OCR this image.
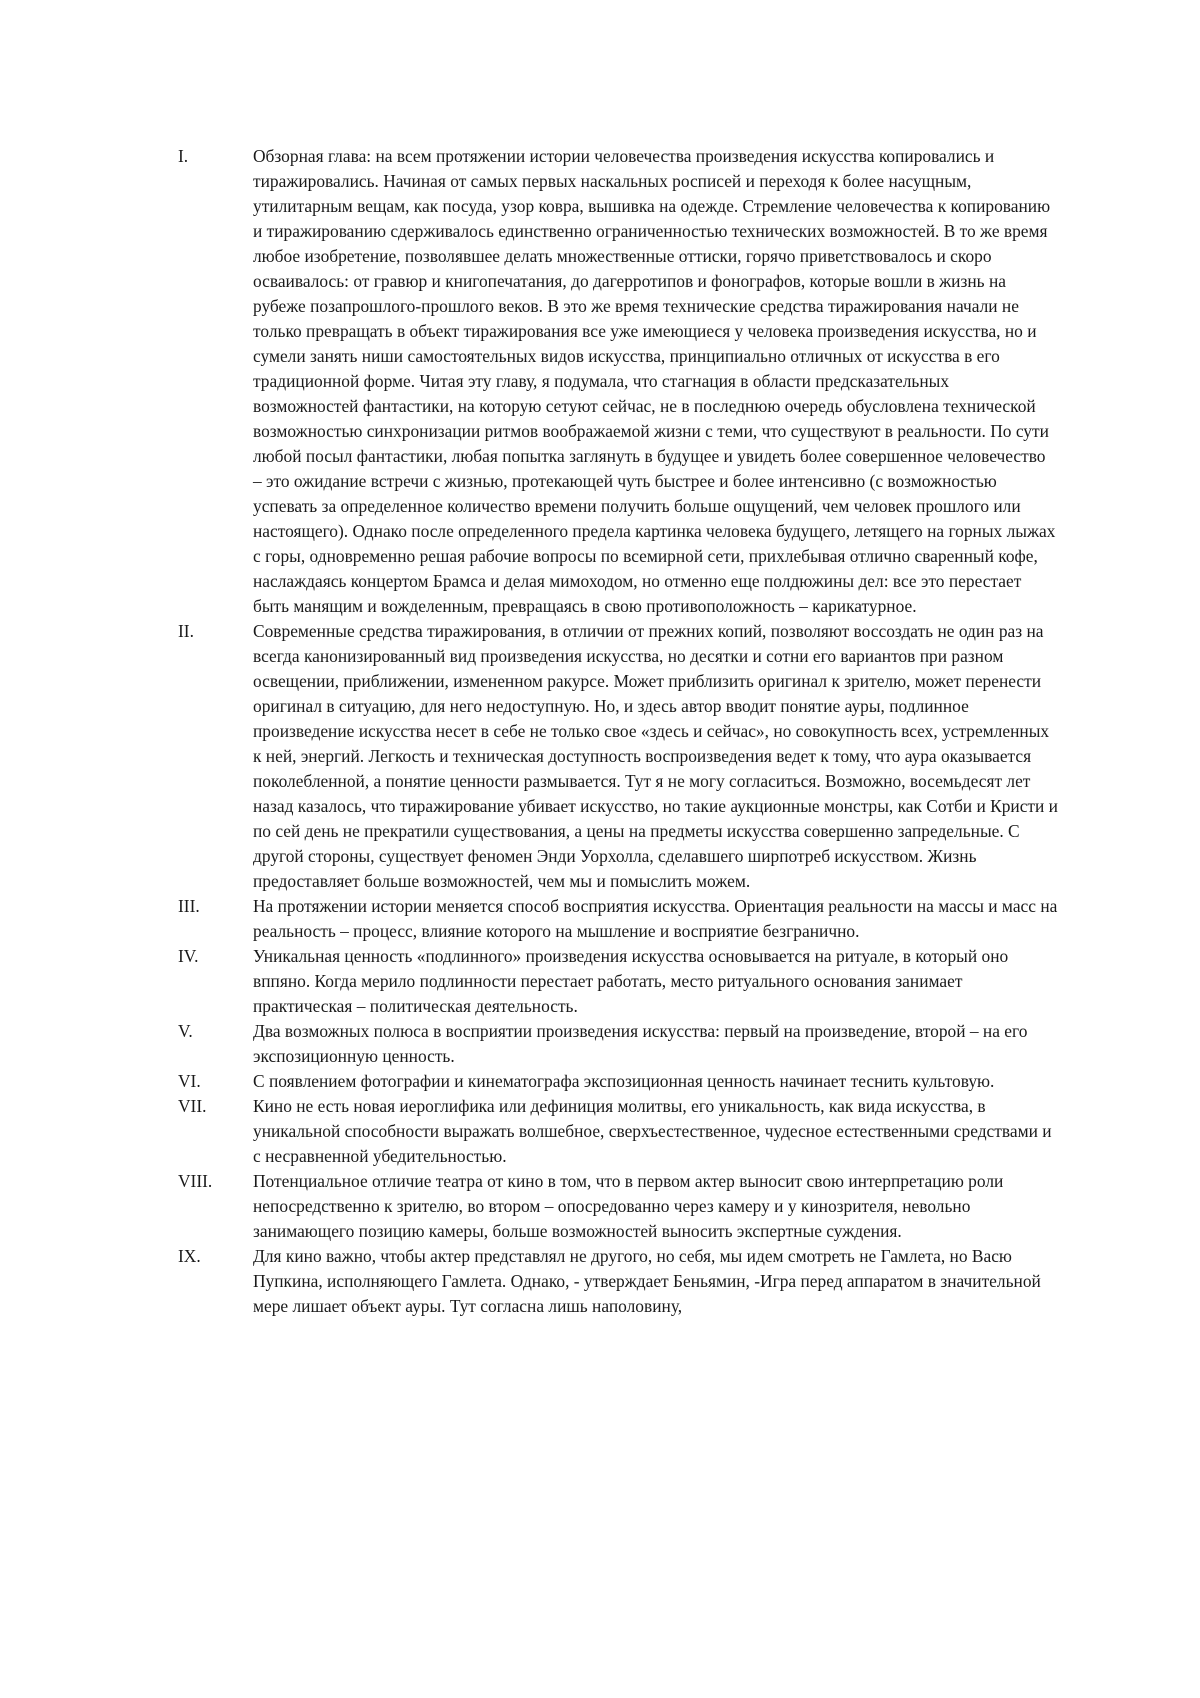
I.	Обзорная глава: на всем протяжении истории человечества произведения искусства копировались и тиражировались. Начиная от самых первых наскальных росписей и переходя к более насущным, утилитарным вещам, как посуда, узор ковра, вышивка на одежде. Стремление человечества к копированию и тиражированию сдерживалось единственно ограниченностью технических возможностей. В то же время любое изобретение, позволявшее делать множественные оттиски, горячо приветствовалось и скоро осваивалось: от гравюр и книгопечатания, до дагерротипов и фонографов, которые вошли в жизнь на рубеже позапрошлого-прошлого веков. В это же время технические средства тиражирования начали не только превращать в объект тиражирования все уже имеющиеся у человека произведения искусства, но и сумели занять ниши самостоятельных видов искусства, принципиально отличных от искусства в его традиционной форме. Читая эту главу, я подумала, что стагнация в области предсказательных возможностей фантастики, на которую сетуют сейчас, не в последнюю очередь обусловлена технической возможностью синхронизации ритмов воображаемой жизни с теми, что существуют в реальности. По сути любой посыл фантастики, любая попытка заглянуть в будущее и увидеть более совершенное человечество – это ожидание встречи с жизнью, протекающей чуть быстрее и более интенсивно (с возможностью успевать за определенное количество времени получить больше ощущений, чем человек прошлого или настоящего). Однако после определенного предела картинка человека будущего, летящего на горных лыжах с горы, одновременно решая рабочие вопросы по всемирной сети, прихлебывая отлично сваренный кофе, наслаждаясь концертом Брамса и делая мимоходом, но отменно еще полдюжины дел: все это перестает быть манящим и вожделенным, превращаясь в свою противоположность – карикатурное.

II.	Современные средства тиражирования, в отличии от прежних копий, позволяют воссоздать не один раз на всегда канонизированный вид произведения искусства, но десятки и сотни его вариантов при разном освещении, приближении, измененном ракурсе. Может приблизить оригинал к зрителю, может перенести оригинал в ситуацию, для него недоступную. Но, и здесь автор вводит понятие ауры, подлинное произведение искусства несет в себе не только свое «здесь и сейчас», но совокупность всех, устремленных к ней, энергий. Легкость и техническая доступность воспроизведения ведет к тому, что аура оказывается поколебленной, а понятие ценности размывается. Тут я не могу согласиться. Возможно, восемьдесят лет назад казалось, что тиражирование убивает искусство, но такие аукционные монстры, как Сотби и Кристи и по сей день не прекратили существования, а цены на предметы искусства совершенно запредельные. С другой стороны, существует феномен Энди Уорхолла, сделавшего ширпотреб искусством. Жизнь предоставляет больше возможностей, чем мы и помыслить можем.

III.	На протяжении истории меняется способ восприятия искусства. Ориентация реальности на массы и масс на реальность – процесс, влияние которого на мышление и восприятие безгранично.

IV.	Уникальная ценность «подлинного» произведения искусства основывается на ритуале, в который оно вппяно. Когда мерило подлинности перестает работать, место ритуального основания занимает практическая – политическая деятельность.

V.	Два возможных полюса в восприятии произведения искусства: первый на произведение, второй – на его экспозиционную ценность.

VI.	С появлением фотографии и кинематографа экспозиционная ценность начинает теснить культовую.

VII.	Кино не есть новая иероглифика или дефиниция молитвы, его уникальность, как вида искусства, в уникальной способности выражать волшебное, сверхъестественное, чудесное естественными средствами и с несравненной убедительностью.

VIII.	Потенциальное отличие театра от кино в том, что в первом актер выносит свою интерпретацию роли непосредственно к зрителю, во втором – опосредованно через камеру и у кинозрителя, невольно занимающего позицию камеры, больше возможностей выносить экспертные суждения.

IX.	Для кино важно, чтобы актер представлял не другого, но себя, мы идем смотреть не Гамлета, но Васю Пупкина, исполняющего Гамлета. Однако, - утверждает Беньямин, -Игра перед аппаратом в значительной мере лишает объект ауры. Тут согласна лишь наполовину,
